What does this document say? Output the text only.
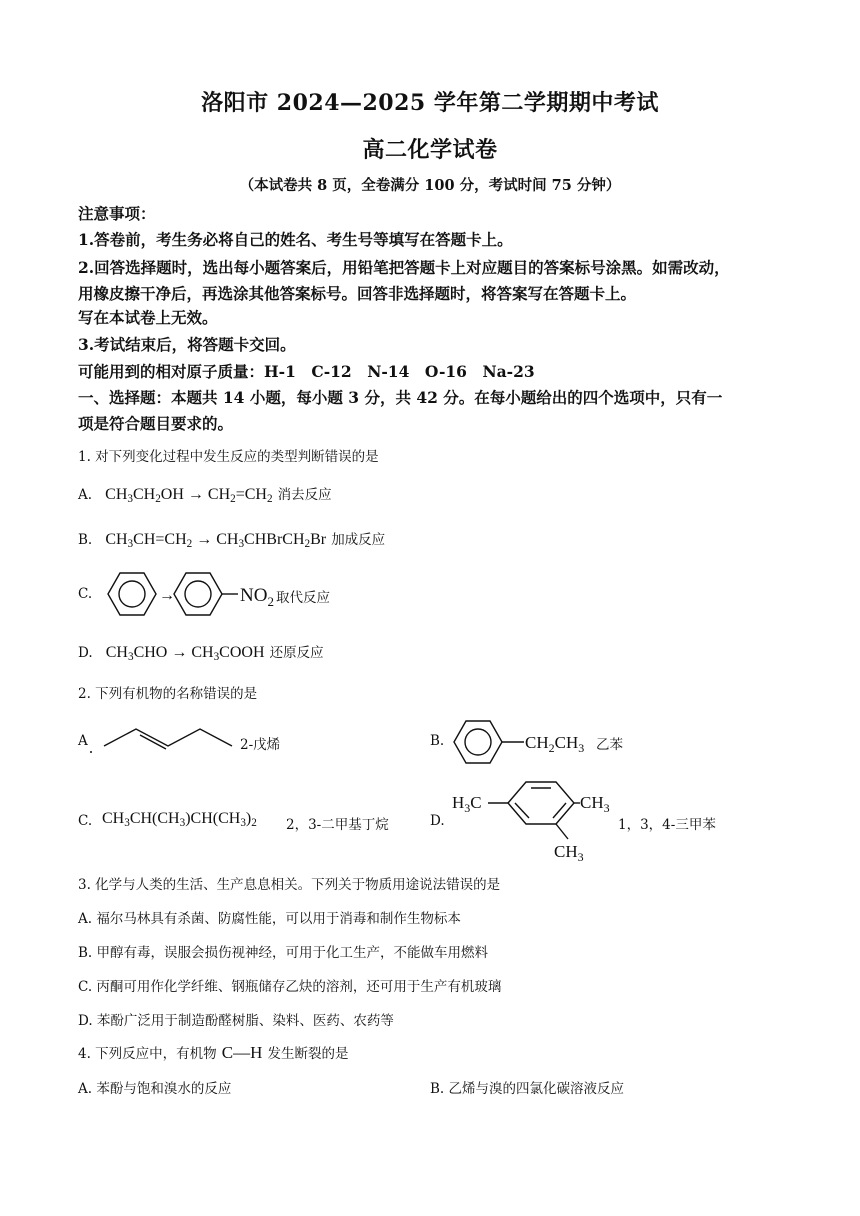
洛阳市 2024—2025 学年第二学期期中考试
高二化学试卷
（本试卷共 8 页，全卷满分 100 分，考试时间 75 分钟）
注意事项：
1.答卷前，考生务必将自己的姓名、考生号等填写在答题卡上。
2.回答选择题时，选出每小题答案后，用铅笔把答题卡上对应题目的答案标号涂黑。如需改动，
用橡皮擦干净后，再选涂其他答案标号。回答非选择题时，将答案写在答题卡上。
写在本试卷上无效。
3.考试结束后，将答题卡交回。
可能用到的相对原子质量：H-1　C-12　N-14　O-16　Na-23
一、选择题：本题共 14 小题，每小题 3 分，共 42 分。在每小题给出的四个选项中，只有一
项是符合题目要求的。
1. 对下列变化过程中发生反应的类型判断错误的是
A. $CH_3CH_2OH \to CH_2=CH_2$ 消去反应
B. $CH_3CH=CH_2$ → $CH_3CHBrCH_2Br$ 加成反应
C.	→	$NO_2$ 取代反应
D. $CH_3CHO$ → $CH_3COOH$ 还原反应
2. 下列有机物的名称错误的是
A	2-戊烯	B.	$CH_2CH_3$ 乙苯
C. $CH_3CH(CH_3)CH(CH_3)_2$ 2，3-二甲基丁烷	D.
$H_3C$	$CH_3$
$CH_3$
1，3，4-三甲苯
3. 化学与人类的生活、生产息息相关。下列关于物质用途说法错误的是
A. 福尔马林具有杀菌、防腐性能，可以用于消毒和制作生物标本
B. 甲醇有毒，误服会损伤视神经，可用于化工生产，不能做车用燃料
C. 丙酮可用作化学纤维、钢瓶储存乙炔的溶剂，还可用于生产有机玻璃
D. 苯酚广泛用于制造酚醛树脂、染料、医药、农药等
4. 下列反应中，有机物 C—H 发生断裂的是
A. 苯酚与饱和溴水的反应	B. 乙烯与溴的四氯化碳溶液反应
